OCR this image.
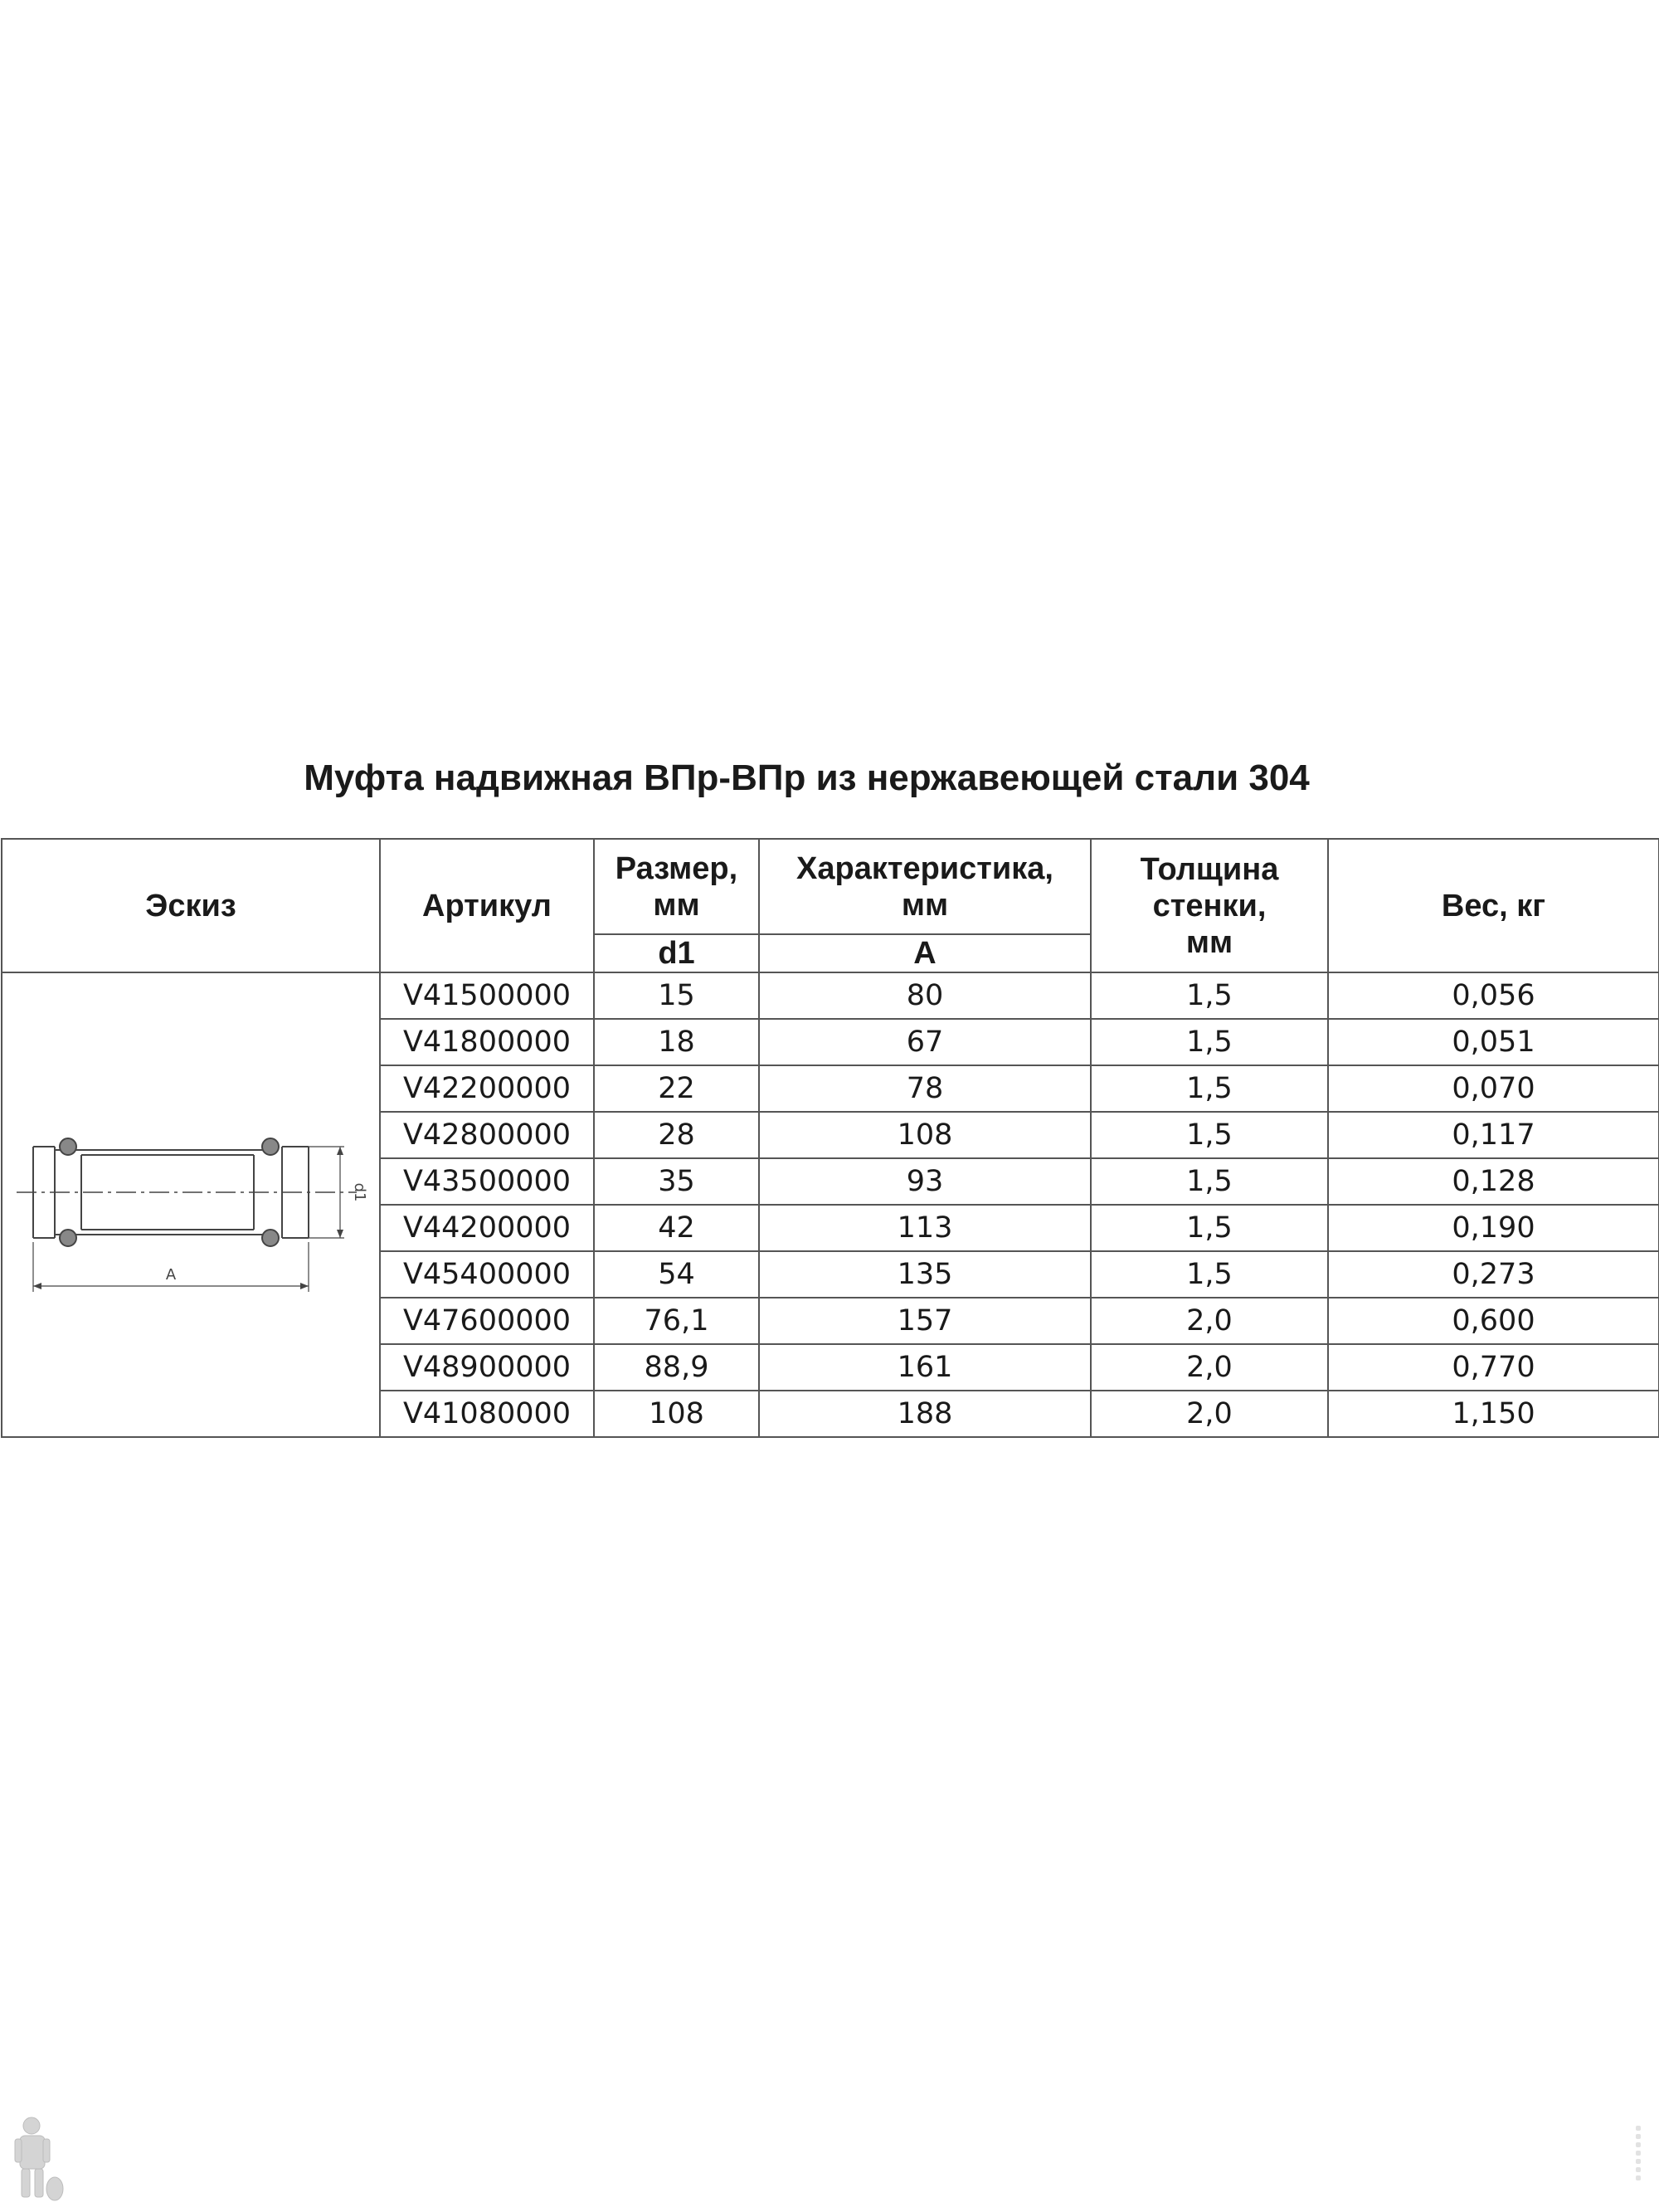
Муфта надвижная ВПр-ВПр из нержавеющей стали 304
Эскиз	Артикул	Размер, мм	Характеристика, мм	Толщина
стенки,
мм	Вес, кг
		d1	A		

A
d1	V41500000	15	80	1,5	0,056
	V41800000	18	67	1,5	0,051
	V42200000	22	78	1,5	0,070
	V42800000	28	108	1,5	0,117
	V43500000	35	93	1,5	0,128
	V44200000	42	113	1,5	0,190
	V45400000	54	135	1,5	0,273
	V47600000	76,1	157	2,0	0,600
	V48900000	88,9	161	2,0	0,770
	V41080000	108	188	2,0	1,150
